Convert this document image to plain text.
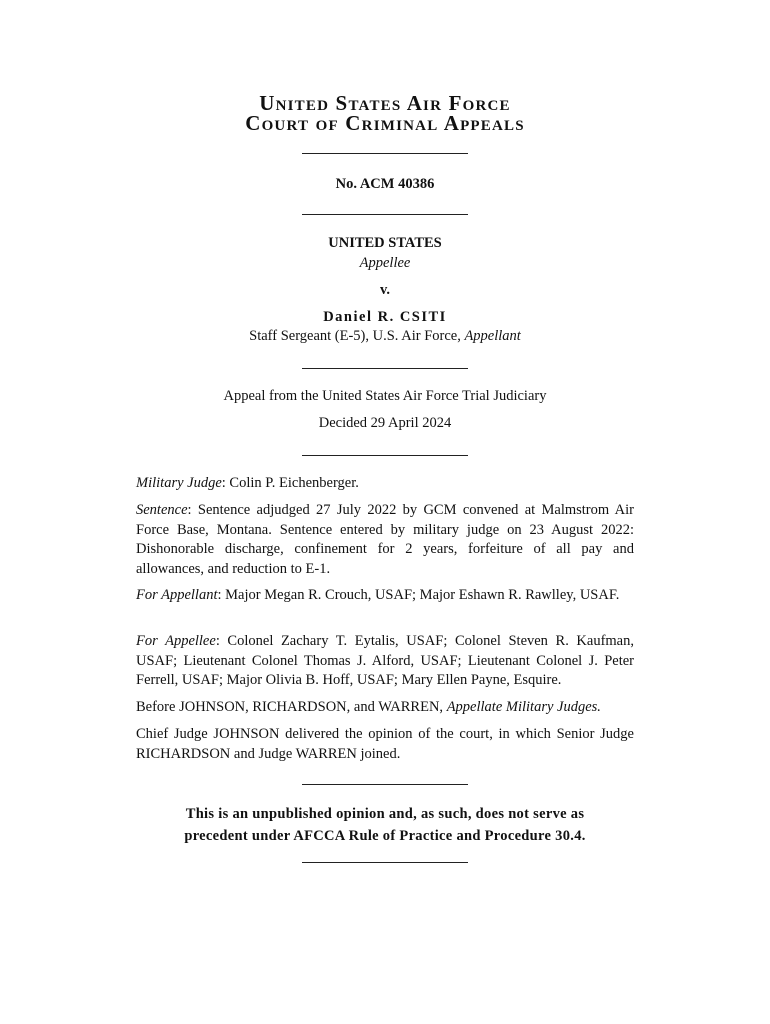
United States Air Force
Court of Criminal Appeals
No. ACM 40386
UNITED STATES
Appellee
v.
Daniel R. CSITI
Staff Sergeant (E-5), U.S. Air Force, Appellant
Appeal from the United States Air Force Trial Judiciary
Decided 29 April 2024
Military Judge: Colin P. Eichenberger.
Sentence: Sentence adjudged 27 July 2022 by GCM convened at Malmstrom Air Force Base, Montana. Sentence entered by military judge on 23 August 2022: Dishonorable discharge, confinement for 2 years, forfeiture of all pay and allowances, and reduction to E-1.
For Appellant: Major Megan R. Crouch, USAF; Major Eshawn R. Rawlley, USAF.
For Appellee: Colonel Zachary T. Eytalis, USAF; Colonel Steven R. Kaufman, USAF; Lieutenant Colonel Thomas J. Alford, USAF; Lieutenant Colonel J. Peter Ferrell, USAF; Major Olivia B. Hoff, USAF; Mary Ellen Payne, Esquire.
Before JOHNSON, RICHARDSON, and WARREN, Appellate Military Judges.
Chief Judge JOHNSON delivered the opinion of the court, in which Senior Judge RICHARDSON and Judge WARREN joined.
This is an unpublished opinion and, as such, does not serve as
precedent under AFCCA Rule of Practice and Procedure 30.4.
